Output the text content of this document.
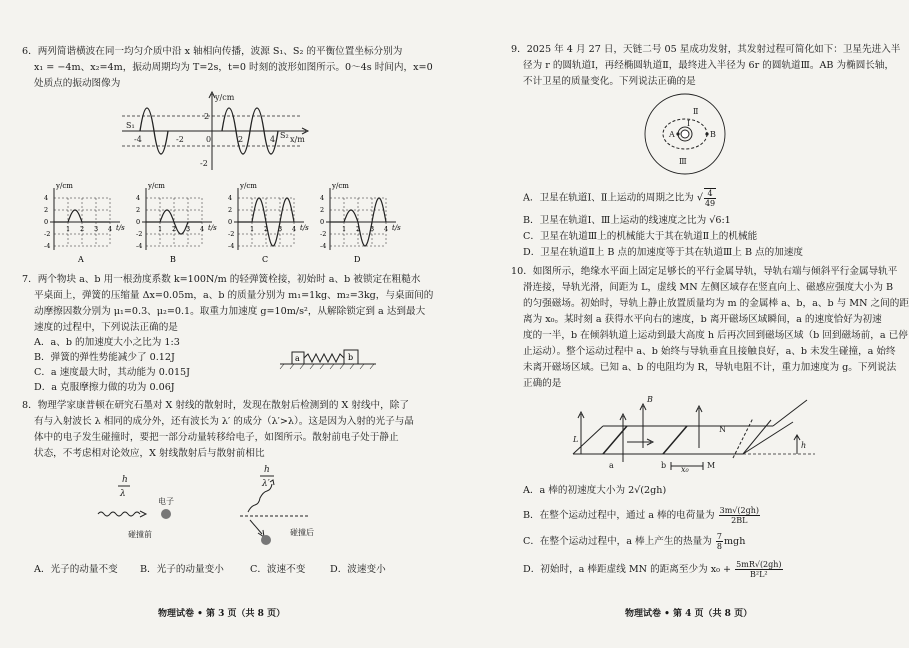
6．两列简谐横波在同一均匀介质中沿 x 轴相向传播，波源 S₁、S₂ 的平衡位置坐标分别为
x₁ = −4m、x₂=4m，振动周期均为 T=2s，t=0 时刻的波形如图所示。0～4s 时间内，x=0
处质点的振动图像为
y/cm
x/m
S₁
S₂
2
-2
-4	-2	0	2	4
y/cm
t/s
4
2
0
-2
-4
1 2 3 4
A
y/cm
t/s
4
2
0
-2
-4
1 2 3 4
B
y/cm
t/s
4
2
0
-2
-4
1 2 3 4
C
y/cm
t/s
4
2
0
-2
-4
1 2 3 4
D
7．两个物块 a、b 用一根劲度系数 k=100N/m 的轻弹簧栓接，初始时 a、b 被锁定在粗糙水
平桌面上，弹簧的压缩量 Δx=0.05m，a、b 的质量分别为 m₁=1kg、m₂=3kg，与桌面间的
动摩擦因数分别为 μ₁=0.3、μ₂=0.1。取重力加速度 g=10m/s²，从解除锁定到 a 达到最大
速度的过程中，下列说法正确的是
A．a、b 的加速度大小之比为 1:3
B．弹簧的弹性势能减少了 0.12J
C．a 速度最大时，其动能为 0.015J
D．a 克服摩擦力做的功为 0.06J
a	b
8．物理学家康普顿在研究石墨对 X 射线的散射时，发现在散射后检测到的 X 射线中，除了
有与入射波长 λ 相同的成分外，还有波长为 λ′ 的成分（λ′>λ）。这是因为入射的光子与晶
体中的电子发生碰撞时，要把一部分动量转移给电子，如图所示。散射前电子处于静止
状态，不考虑相对论效应，X 射线散射后与散射前相比
h
λ
电子
碰撞前
h
λ′
碰撞后
A．光子的动量不变 B．光子的动量变小	C．波速不变	D．波速变小
物理试卷 • 第 3 页（共 8 页）
9．2025 年 4 月 27 日，天链二号 05 星成功发射，其发射过程可简化如下：卫星先进入半
径为 r 的圆轨道Ⅰ，再经椭圆轨道Ⅱ，最终进入半径为 6r 的圆轨道Ⅲ。AB 为椭圆长轴，
不计卫星的质量变化。下列说法正确的是
A	B
Ⅰ
Ⅱ
Ⅲ
A．卫星在轨道Ⅰ、Ⅱ上运动的周期之比为 √ $\frac{4}{49}$
B．卫星在轨道Ⅰ、Ⅲ上运动的线速度之比为 √6:1
C．卫星在轨道Ⅲ上的机械能大于其在轨道Ⅱ上的机械能
D．卫星在轨道Ⅱ上 B 点的加速度等于其在轨道Ⅲ上 B 点的加速度
10．如图所示，绝缘水平面上固定足够长的平行金属导轨，导轨右端与倾斜平行金属导轨平
滑连接，导轨光滑，间距为 L，虚线 MN 左侧区域存在竖直向上、磁感应强度大小为 B
的匀强磁场。初始时，导轨上静止放置质量均为 m 的金属棒 a、b，a、b 与 MN 之间的距
离为 x₀。某时刻 a 获得水平向右的速度，b 离开磁场区域瞬间，a 的速度恰好为初速
度的一半，b 在倾斜轨道上运动到最大高度 h 后再次回到磁场区域（b 回到磁场前，a 已停
止运动）。整个运动过程中 a、b 始终与导轨垂直且接触良好，a、b 未发生碰撞，a 始终
未离开磁场区域。已知 a、b 的电阻均为 R，导轨电阻不计，重力加速度为 g。下列说法
正确的是
B
N
L
a	b	M
x₀
h
A．a 棒的初速度大小为 2√(2gh)
B．在整个运动过程中，通过 a 棒的电荷量为 $\frac{3m√(2gh)}{2BL}$
C．在整个运动过程中，a 棒上产生的热量为 $\frac{7}{8}$ mgh
D．初始时，a 棒距虚线 MN 的距离至少为 $x_0 + \frac{5mR√(2gh)}{\text{B²L²}}$
物理试卷 • 第 4 页（共 8 页）
